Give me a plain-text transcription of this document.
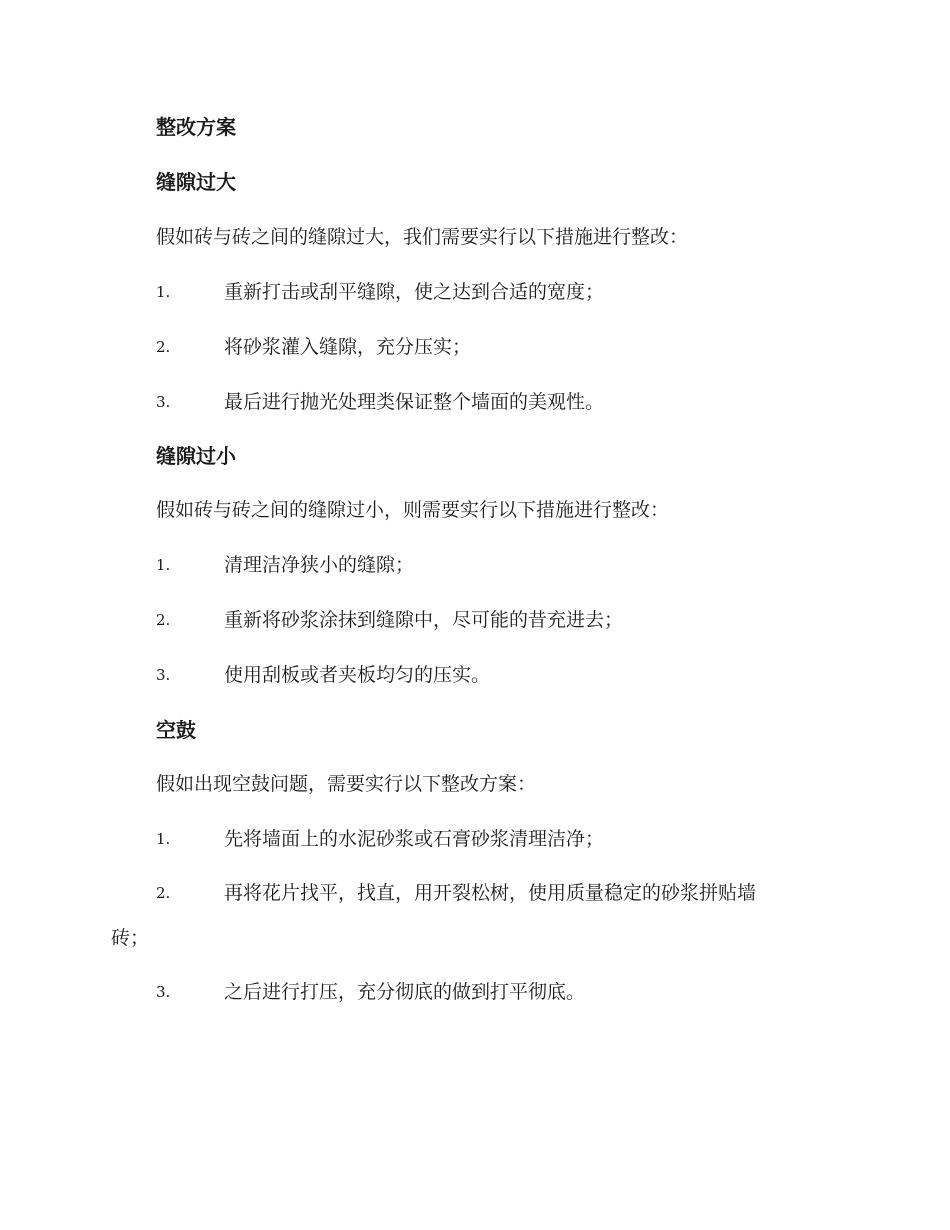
整改方案
缝隙过大
假如砖与砖之间的缝隙过大，我们需要实行以下措施进行整改：
1.	重新打击或刮平缝隙，使之达到合适的宽度；
2.	将砂浆灌入缝隙，充分压实；
3.	最后进行抛光处理类保证整个墙面的美观性。
缝隙过小
假如砖与砖之间的缝隙过小，则需要实行以下措施进行整改：
1.	清理洁净狭小的缝隙；
2.	重新将砂浆涂抹到缝隙中，尽可能的昔充进去；
3.	使用刮板或者夹板均匀的压实。
空鼓
假如出现空鼓问题，需要实行以下整改方案：
1.	先将墙面上的水泥砂浆或石膏砂浆清理洁净；
2.	再将花片找平，找直，用开裂松树，使用质量稳定的砂浆拼贴墙
砖；
3.	之后进行打压，充分彻底的做到打平彻底。
